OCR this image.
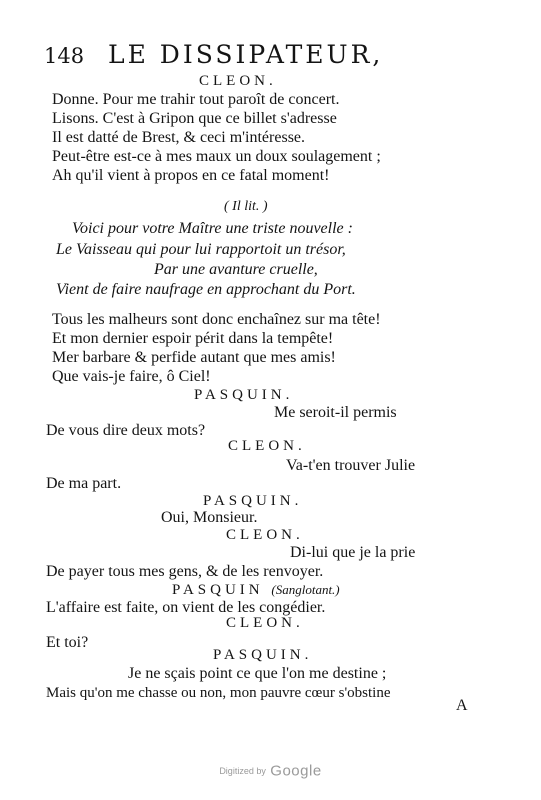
148 LE DISSIPATEUR,
CLEON.
Donne. Pour me trahir tout paroît de concert.
Lisons. C'est à Gripon que ce billet s'adresse
Il est datté de Brest, & ceci m'intéresse.
Peut-être est-ce à mes maux un doux soulagement ;
Ah qu'il vient à propos en ce fatal moment!
( Il lit. )
Voici pour votre Maître une triste nouvelle :
Le Vaisseau qui pour lui rapportoit un trésor,
Par une avanture cruelle,
Vient de faire naufrage en approchant du Port.
Tous les malheurs sont donc enchaînez sur ma tête!
Et mon dernier espoir périt dans la tempête!
Mer barbare & perfide autant que mes amis!
Que vais-je faire, ô Ciel!
PASQUIN.
Me seroit-il permis
De vous dire deux mots?
CLEON.
Va-t'en trouver Julie
De ma part.
PASQUIN.
Oui, Monsieur.
CLEON.
Di-lui que je la prie
De payer tous mes gens, & de les renvoyer.
PASQUIN (Sanglotant.)
L'affaire est faite, on vient de les congédier.
CLEON.
Et toi?
PASQUIN.
Je ne sçais point ce que l'on me destine ;
Mais qu'on me chasse ou non, mon pauvre cœur s'obstine
A
Digitized by Google
